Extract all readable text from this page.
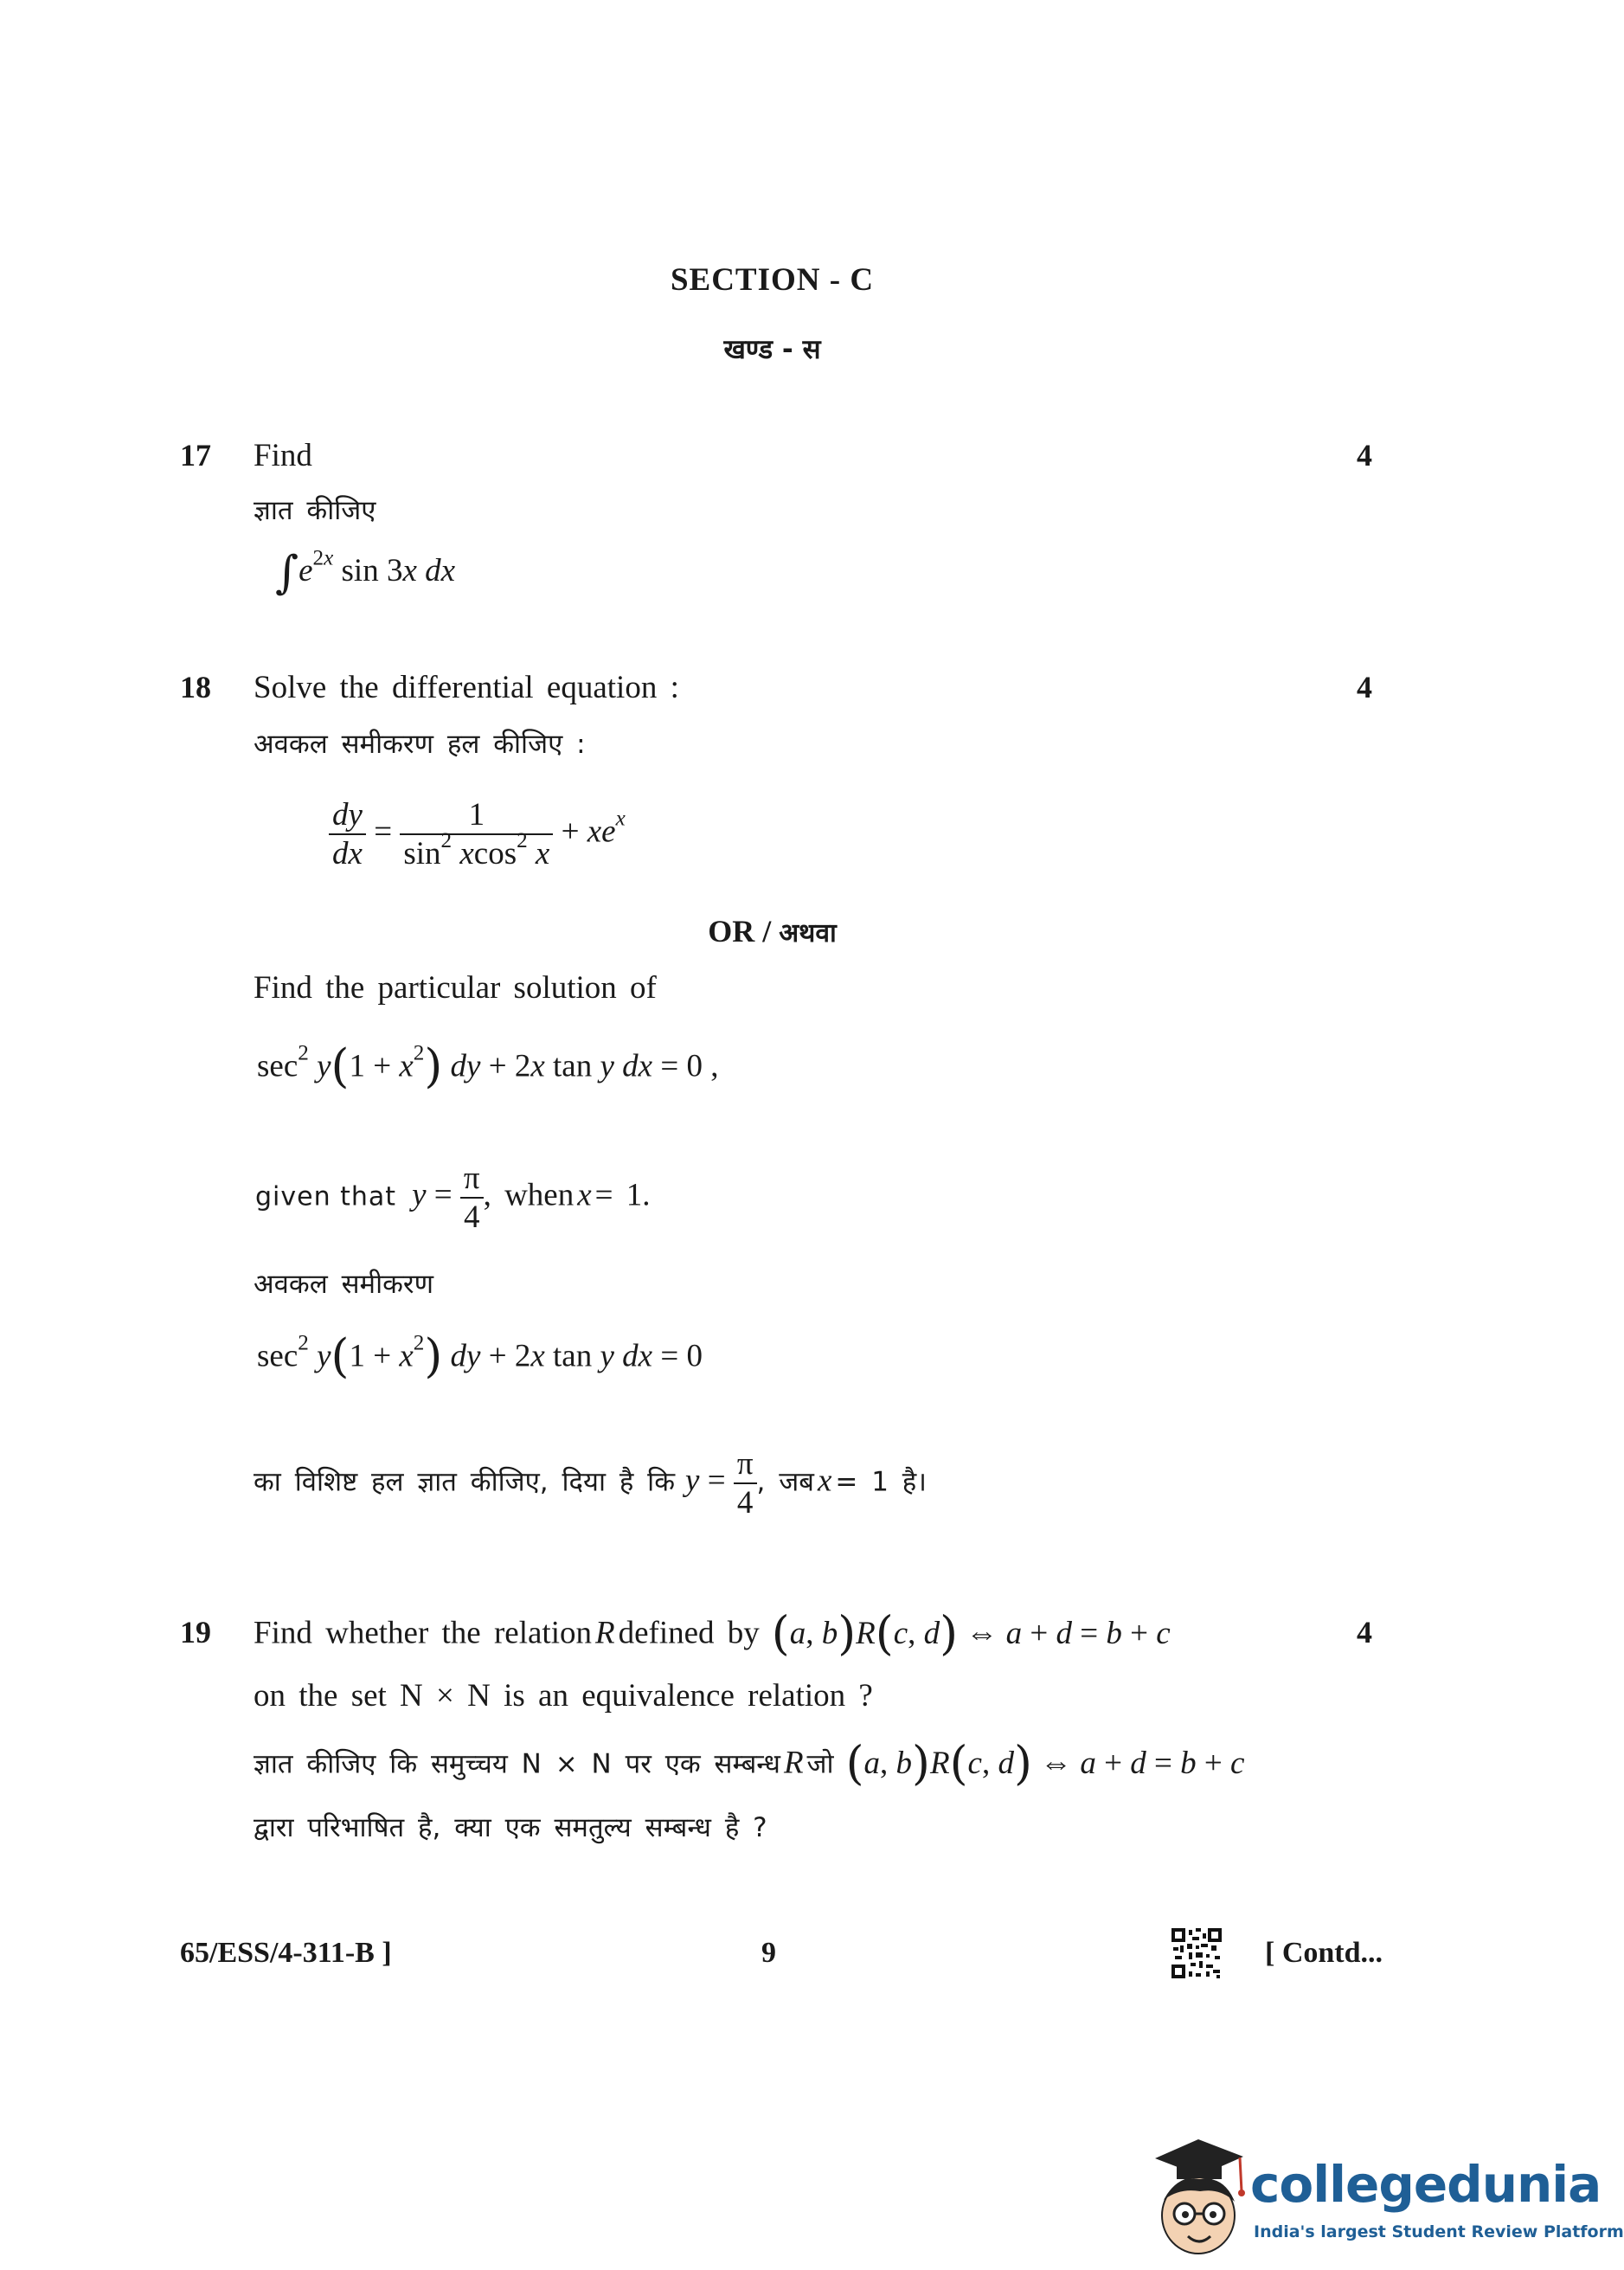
SECTION - C
खण्ड - स
17 Find	4
ज्ञात कीजिए
$\int e^{2x}$ sin 3x dx
18 Solve the differential equation :	4
अवकल समीकरण हल कीजिए :
$\frac{dy}{dx} = \frac{1}{\sin^2 xcos^2 x} + xe^x$
OR / अथवा
Find the particular solution of
$\sec^2 y(1 + x^2)$ dy + 2x tan y dx = 0 ,
given that $y = \frac{\pi}{4}$ , when x = 1.
अवकल समीकरण
$\sec^2 y(1 + x^2)$ dy + 2x tan y dx = 0
का विशिष्ट हल ज्ञात कीजिए, दिया है कि $y = \frac{\pi}{4}$ , जब x = 1 है।
19 Find whether the relation R defined by (a, b)R(c, d) ⇔ a + d = b + c	4
on the set N × N is an equivalence relation ?
ज्ञात कीजिए कि समुच्चय N × N पर एक सम्बन्ध R जो (a, b)R(c, d) ⇔ a + d = b + c
द्वारा परिभाषित है, क्या एक समतुल्य सम्बन्ध है ?
65/ESS/4-311-B ]	9	[ Contd...
collegedunia
India's largest Student Review Platform
